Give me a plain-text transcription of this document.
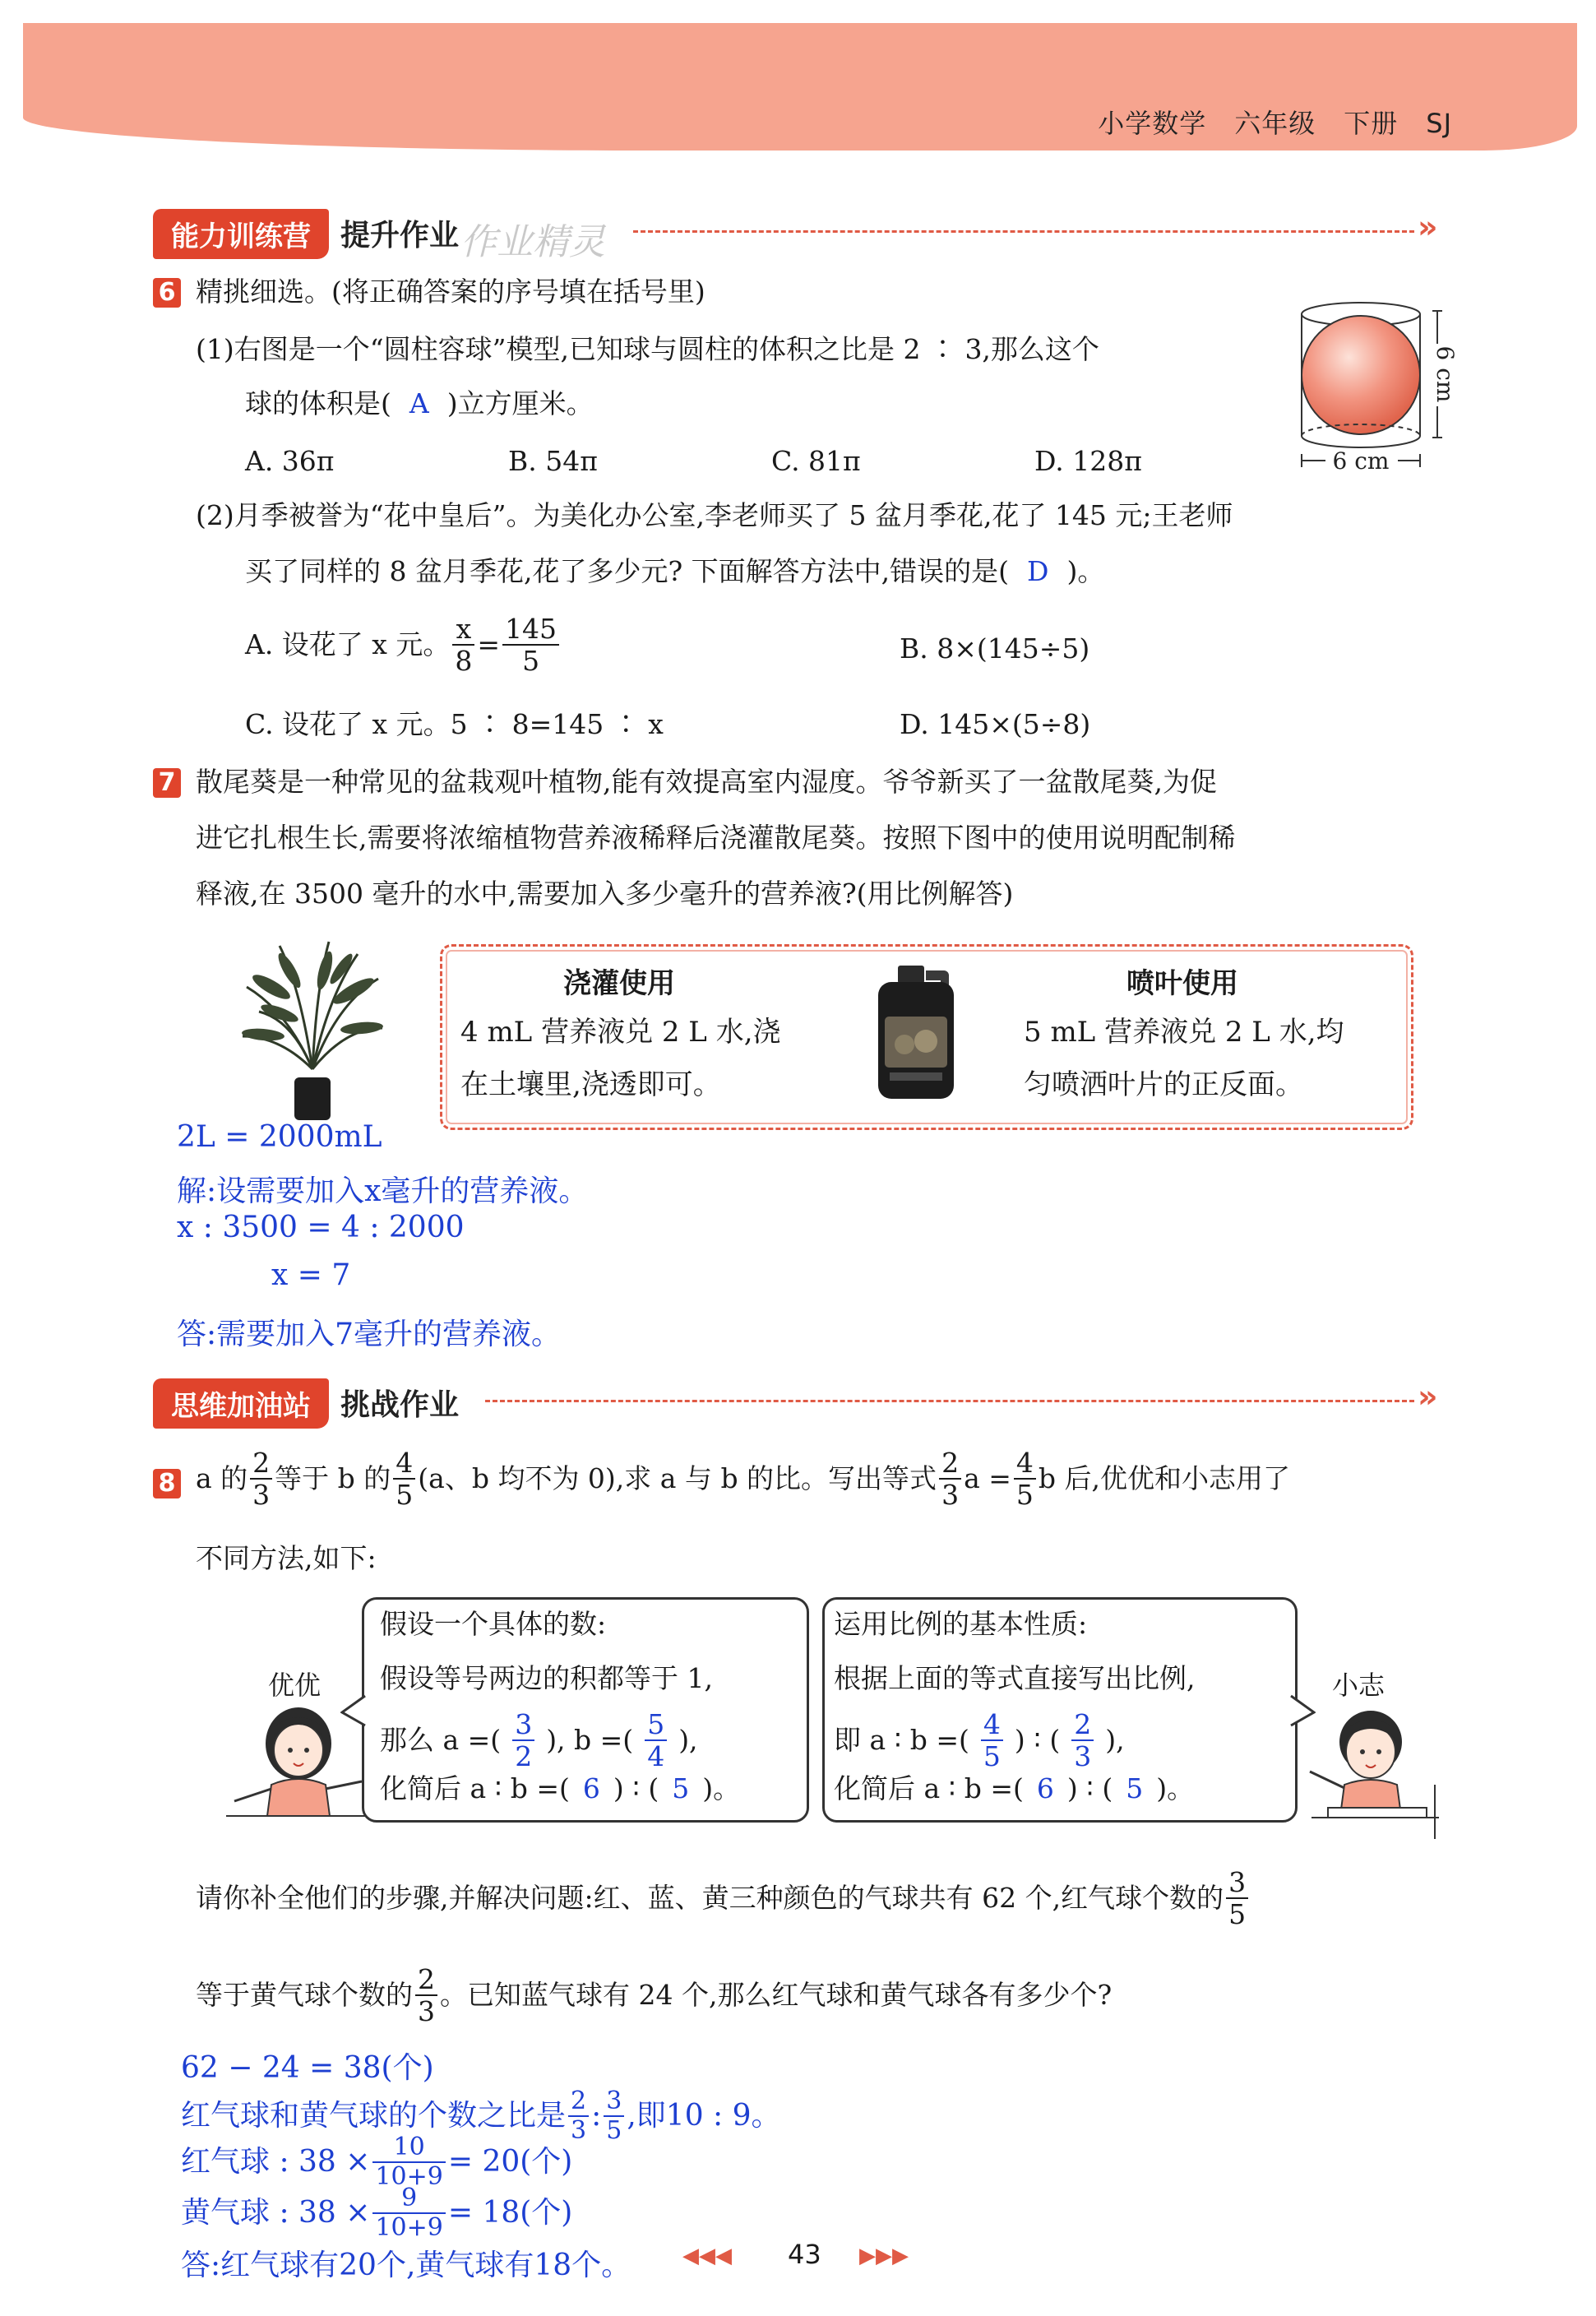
小学数学 六年级 下册 SJ
能力训练营	提升作业 作业精灵	»
6 精挑细选。(将正确答案的序号填在括号里)
(1)右图是一个“圆柱容球”模型,已知球与圆柱的体积之比是 2 ∶ 3,那么这个
球的体积是( A )立方厘米。
A. 36π	B. 54π	C. 81π	D. 128π	6 cm
6 cm
(2)月季被誉为“花中皇后”。为美化办公室,李老师买了 5 盆月季花,花了 145 元;王老师
买了同样的 8 盆月季花,花了多少元? 下面解答方法中,错误的是( D )。
A. 设花了 x 元。 $\frac{x}{8} = \frac{145}{5}$	B. 8×(145÷5)
C. 设花了 x 元。5 ∶ 8=145 ∶ x	D. 145×(5÷8)
7 散尾葵是一种常见的盆栽观叶植物,能有效提高室内湿度。爷爷新买了一盆散尾葵,为促
进它扎根生长,需要将浓缩植物营养液稀释后浇灌散尾葵。按照下图中的使用说明配制稀
释液,在 3500 毫升的水中,需要加入多少毫升的营养液?(用比例解答)
浇灌使用
4 mL 营养液兑 2 L 水,浇
在土壤里,浇透即可。
喷叶使用
5 mL 营养液兑 2 L 水,均
匀喷洒叶片的正反面。
2L = 2000mL
解:设需要加入x毫升的营养液。
x : 3500 = 4 : 2000
x = 7
答:需要加入7毫升的营养液。
思维加油站	挑战作业	»
8 a 的 $\frac{2}{3}$ 等于 b 的 $\frac{4}{5} (a$、b 均不为 0),求 a 与 b 的比。写出等式 $\frac{2}{3}$ $a = \frac{4}{5}$ b 后,优优和小志用了
不同方法,如下:
优优
假设一个具体的数:
假设等号两边的积都等于 1,
那么 a =( $\frac{3}{2}$ ), b =( $\frac{5}{4}$ ),
化简后 a ∶ b =( 6 ) ∶ ( 5 )。
运用比例的基本性质:
根据上面的等式直接写出比例,
即 a ∶ b =( $\frac{4}{5}$ ) ∶ ( $\frac{2}{3}$ ),
化简后 a ∶ b =( 6 ) ∶ ( 5 )。
小志
请你补全他们的步骤,并解决问题:红、蓝、黄三种颜色的气球共有 62 个,红气球个数的 $\frac{3}{5}$
等于黄气球个数的 $\frac{2}{3}$ 。已知蓝气球有 24 个,那么红气球和黄气球各有多少个?
62 − 24 = 38(个)
红气球和黄气球的个数之比是 $\frac{2}{3}$ : $\frac{3}{5}$ ,即10 : 9。
红气球 : $38 \times \frac{10}{10+9} = 20$(个)
黄气球 : $38 \times \frac{9}{10+9} = 18$(个)
答:红气球有20个,黄气球有18个。 ◀◀◀ 43 ▶▶▶
